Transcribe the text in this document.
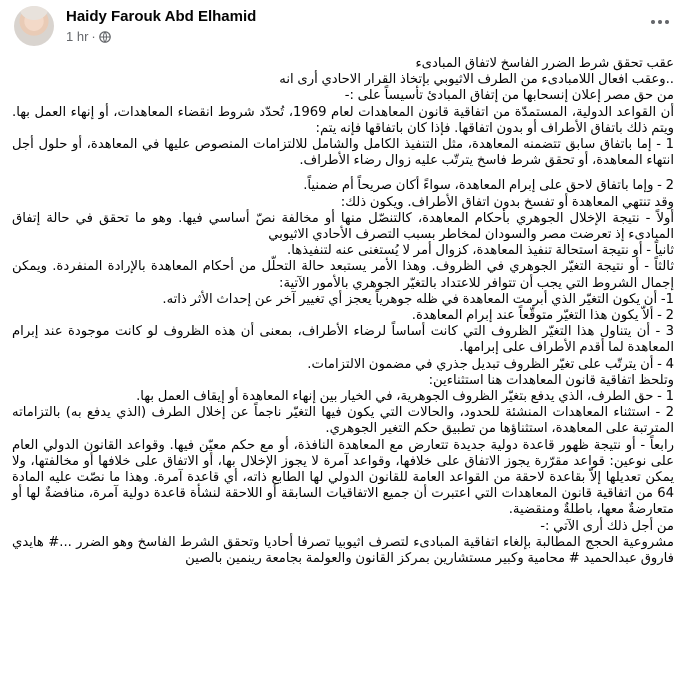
Haidy Farouk Abd Elhamid
1 hr ·

عقب تحقق شرط الضرر الفاسخ لاتفاق المبادىء

..وعقب افعال اللامبادىء من الطرف الاثيوبي بإتخاذ القرار الاحادي أرى انه

من حق مصر إعلان إنسحابها من إتفاق المبادئ تأسيساً على :-

أن القواعد الدولية، المستمدّة من اتفاقية قانون المعاهدات لعام 1969، تُحدّد شروط انقضاء المعاهدات، أو إنهاء العمل بها. ويتم ذلك باتفاق الأطراف أو بدون اتفاقها. فإذا كان باتفاقها فإنه يتم:

1 - إما باتفاق سابق تتضمنه المعاهدة، مثل التنفيذ الكامل والشامل للالتزامات المنصوص عليها في المعاهدة، أو حلول أجل انتهاء المعاهدة، أو تحقق شرط فاسخ يترتّب عليه زوال رضاء الأطراف.

2 - وإما باتفاق لاحق على إبرام المعاهدة، سواءً أكان صريحاً أم ضمنياً.

وقد تنتهي المعاهدة أو تفسخ بدون اتفاق الأطراف. ويكون ذلك:

أولاً - نتيجة الإخلال الجوهري بأحكام المعاهدة، كالتنصّل منها أو مخالفة نصّ أساسي فيها. وهو ما تحقق في حالة إتفاق المبادىء إذ تعرضت مصر والسودان لمخاطر بسبب التصرف الأحادي الاثيوبي

ثانياً - أو نتيجة استحالة تنفيذ المعاهدة، كزوال أمر لا يُستغنى عنه لتنفيذها.

ثالثاً - أو نتيجة التغيّر الجوهري في الظروف. وهذا الأمر يستبعد حالة التحلّل من أحكام المعاهدة بالإرادة المنفردة. ويمكن إجمال الشروط التي يجب أن تتوافر للاعتداد بالتغيّر الجوهري بالأمور الآتية:

1- أن يكون التغيّر الذي أبرمت المعاهدة في ظله جوهرياً يعجز أي تغيير آخر عن إحداث الأثر ذاته.

2 - ألاّ يكون هذا التغيّر متوقّعاً عند إبرام المعاهدة.

3 - أن يتناول هذا التغيّر الظروف التي كانت أساساً لرضاء الأطراف، بمعنى أن هذه الظروف لو كانت موجودة عند إبرام المعاهدة لما أقدم الأطراف على إبرامها.

4 - أن يترتّب على تغيّر الظروف تبديل جذري في مضمون الالتزامات.

وتلحظ اتفاقية قانون المعاهدات هنا استثناءين:

1 - حق الطرف، الذي يدفع بتغيّر الظروف الجوهرية، في الخيار بين إنهاء المعاهدة أو إيقاف العمل بها.

2 - استثناء المعاهدات المنشئة للحدود، والحالات التي يكون فيها التغيّر ناجماً عن إخلال الطرف (الذي يدفع به) بالتزاماته المترتبة على المعاهدة، استثناؤها من تطبيق حكم التغير الجوهري.

رابعاً - أو نتيجة ظهور قاعدة دولية جديدة تتعارض مع المعاهدة النافذة، أو مع حكم معيّن فيها. وقواعد القانون الدولي العام على نوعين: قواعد مقرّرة يجوز الاتفاق على خلافها، وقواعد آمرة لا يجوز الإخلال بها، أو الاتفاق على خلافها أو مخالفتها، ولا يمكن تعديلها إلاّ بقاعدة لاحقة من القواعد العامة للقانون الدولي لها الطابع ذاته، أي قاعدة آمرة. وهذا ما نصّت عليه المادة 64 من اتفاقية قانون المعاهدات التي اعتبرت أن جميع الاتفاقيات السابقة أو اللاحقة لنشأة قاعدة دولية آمرة، منافضةٌ لها أو متعارضةٌ معها، باطلةٌ ومنقضية.

من أجل ذلك أرى الآتي :-

مشروعية الحجج المطالبة بإلغاء اتفاقية المبادىء لتصرف اثيوبيا تصرفا أحاديا وتحقق الشرط الفاسخ وهو الضرر ...# هايدي فاروق عبدالحميد # محامية وكبير مستشارين بمركز القانون والعولمة بجامعة رينمين بالصين
